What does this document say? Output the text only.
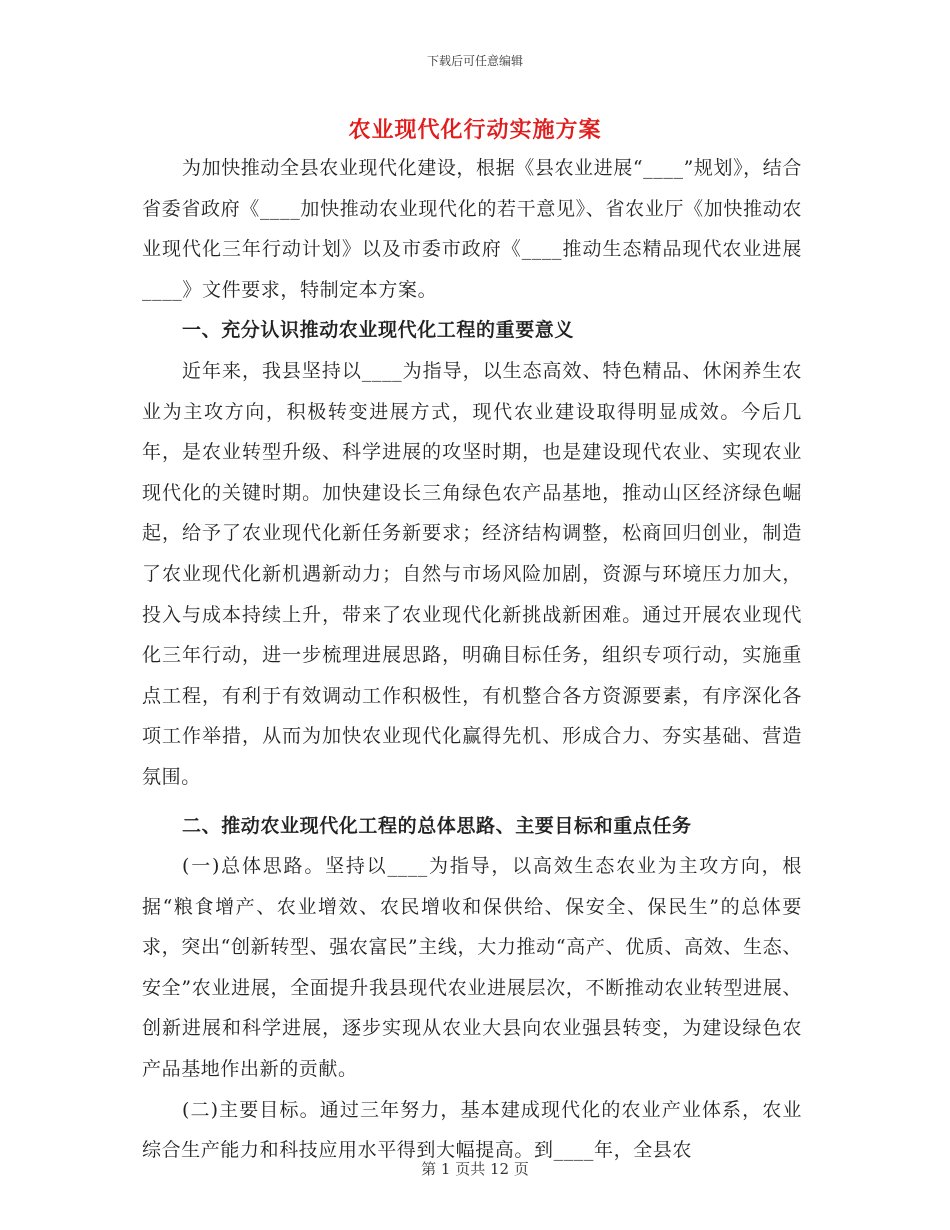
下载后可任意编辑
农业现代化行动实施方案

为加快推动全县农业现代化建设，根据《县农业进展“____”规划》，结合省委省政府《____加快推动农业现代化的若干意见》、省农业厅《加快推动农业现代化三年行动计划》以及市委市政府《____推动生态精品现代农业进展____》文件要求，特制定本方案。

一、充分认识推动农业现代化工程的重要意义

近年来，我县坚持以____为指导，以生态高效、特色精品、休闲养生农业为主攻方向，积极转变进展方式，现代农业建设取得明显成效。今后几年，是农业转型升级、科学进展的攻坚时期，也是建设现代农业、实现农业现代化的关键时期。加快建设长三角绿色农产品基地，推动山区经济绿色崛起，给予了农业现代化新任务新要求；经济结构调整，松商回归创业，制造了农业现代化新机遇新动力；自然与市场风险加剧，资源与环境压力加大，投入与成本持续上升，带来了农业现代化新挑战新困难。通过开展农业现代化三年行动，进一步梳理进展思路，明确目标任务，组织专项行动，实施重点工程，有利于有效调动工作积极性，有机整合各方资源要素，有序深化各项工作举措，从而为加快农业现代化赢得先机、形成合力、夯实基础、营造氛围。

二、推动农业现代化工程的总体思路、主要目标和重点任务

(一)总体思路。坚持以____为指导，以高效生态农业为主攻方向，根据“粮食增产、农业增效、农民增收和保供给、保安全、保民生”的总体要求，突出“创新转型、强农富民”主线，大力推动“高产、优质、高效、生态、安全”农业进展，全面提升我县现代农业进展层次，不断推动农业转型进展、创新进展和科学进展，逐步实现从农业大县向农业强县转变，为建设绿色农产品基地作出新的贡献。

(二)主要目标。通过三年努力，基本建成现代化的农业产业体系，农业综合生产能力和科技应用水平得到大幅提高。到____年，全县农

第 1 页共 12 页
